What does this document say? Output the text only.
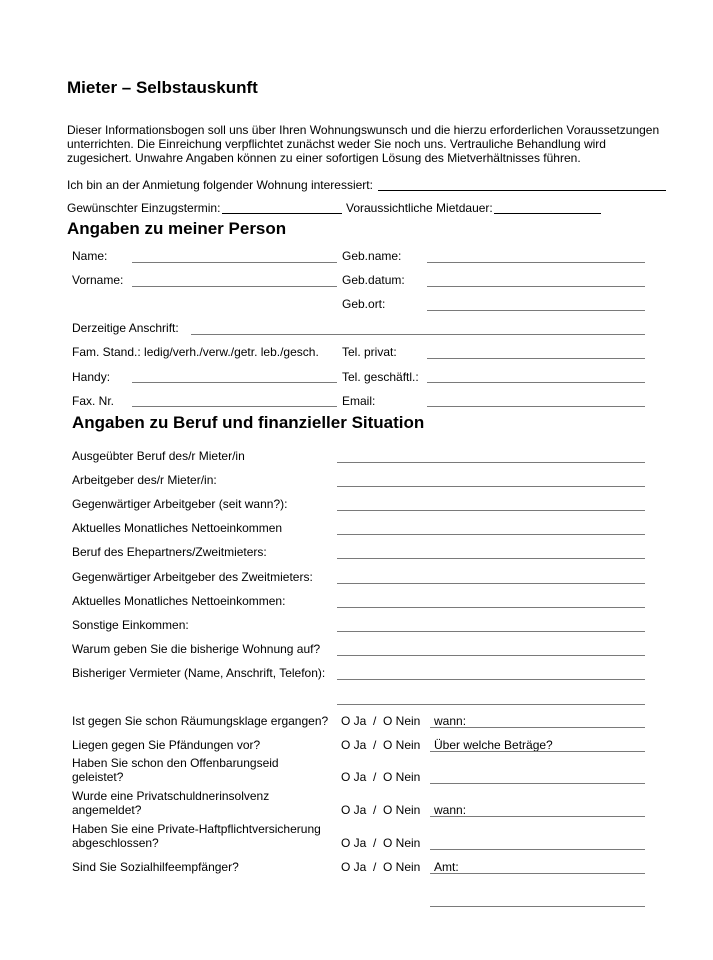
Mieter – Selbstauskunft
Dieser Informationsbogen soll uns über Ihren Wohnungswunsch und die hierzu erforderlichen Voraussetzungen unterrichten. Die Einreichung verpflichtet zunächst weder Sie noch uns. Vertrauliche Behandlung wird zugesichert. Unwahre Angaben können zu einer sofortigen Lösung des Mietverhältnisses führen.
Ich bin an der Anmietung folgender Wohnung interessiert:
Gewünschter Einzugstermin:	Voraussichtliche Mietdauer:
Angaben zu meiner Person
Name:	Geb.name:
Vorname:	Geb.datum:
Geb.ort:
Derzeitige Anschrift:
Fam. Stand.: ledig/verh./verw./getr. leb./gesch. Tel. privat:
Handy:	Tel. geschäftl.:
Fax. Nr.	Email:
Angaben zu Beruf und finanzieller Situation
Ausgeübter Beruf des/r Mieter/in
Arbeitgeber des/r Mieter/in:
Gegenwärtiger Arbeitgeber (seit wann?):
Aktuelles Monatliches Nettoeinkommen
Beruf des Ehepartners/Zweitmieters:
Gegenwärtiger Arbeitgeber des Zweitmieters:
Aktuelles Monatliches Nettoeinkommen:
Sonstige Einkommen:
Warum geben Sie die bisherige Wohnung auf?
Bisheriger Vermieter (Name, Anschrift, Telefon):
Ist gegen Sie schon Räumungsklage ergangen? O Ja  /  O Nein wann:
Liegen gegen Sie Pfändungen vor?	O Ja  /  O Nein Über welche Beträge?
Haben Sie schon den Offenbarungseid
geleistet?	O Ja  /  O Nein
Wurde eine Privatschuldnerinsolvenz
angemeldet?	O Ja  /  O Nein wann:
Haben Sie eine Private-Haftpflichtversicherung
abgeschlossen?	O Ja  /  O Nein
Sind Sie Sozialhilfeempfänger?	O Ja  /  O Nein Amt:
